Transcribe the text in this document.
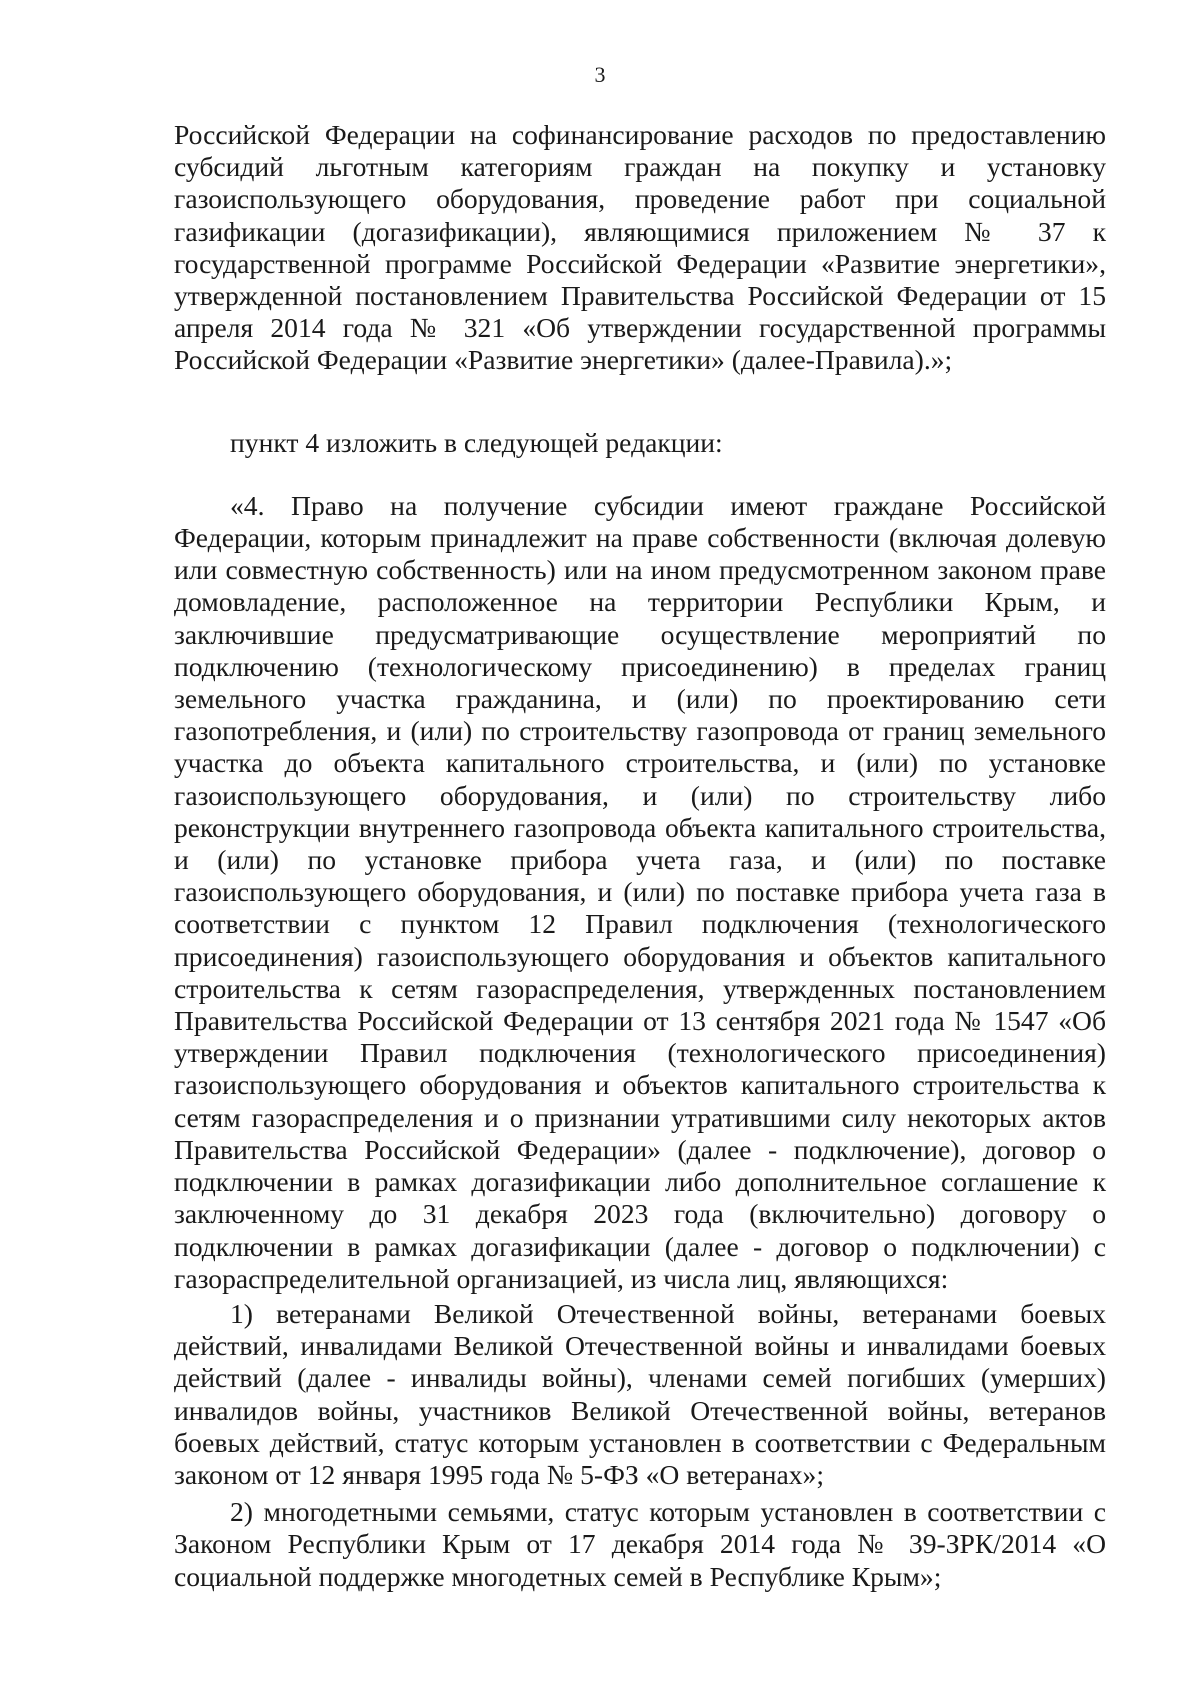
3

Российской Федерации на софинансирование расходов по предоставлению субсидий льготным категориям граждан на покупку и установку газоиспользующего оборудования, проведение работ при социальной газификации (догазификации), являющимися приложением № 37 к государственной программе Российской Федерации «Развитие энергетики», утвержденной постановлением Правительства Российской Федерации от 15 апреля 2014 года № 321 «Об утверждении государственной программы Российской Федерации «Развитие энергетики» (далее-Правила).»;

пункт 4 изложить в следующей редакции:

«4. Право на получение субсидии имеют граждане Российской Федерации, которым принадлежит на праве собственности (включая долевую или совместную собственность) или на ином предусмотренном законом праве домовладение, расположенное на территории Республики Крым, и заключившие предусматривающие осуществление мероприятий по подключению (технологическому присоединению) в пределах границ земельного участка гражданина, и (или) по проектированию сети газопотребления, и (или) по строительству газопровода от границ земельного участка до объекта капитального строительства, и (или) по установке газоиспользующего оборудования, и (или) по строительству либо реконструкции внутреннего газопровода объекта капитального строительства, и (или) по установке прибора учета газа, и (или) по поставке газоиспользующего оборудования, и (или) по поставке прибора учета газа в соответствии с пунктом 12 Правил подключения (технологического присоединения) газоиспользующего оборудования и объектов капитального строительства к сетям газораспределения, утвержденных постановлением Правительства Российской Федерации от 13 сентября 2021 года № 1547 «Об утверждении Правил подключения (технологического присоединения) газоиспользующего оборудования и объектов капитального строительства к сетям газораспределения и о признании утратившими силу некоторых актов Правительства Российской Федерации» (далее - подключение), договор о подключении в рамках догазификации либо дополнительное соглашение к заключенному до 31 декабря 2023 года (включительно) договору о подключении в рамках догазификации (далее - договор о подключении) с газораспределительной организацией, из числа лиц, являющихся:

1) ветеранами Великой Отечественной войны, ветеранами боевых действий, инвалидами Великой Отечественной войны и инвалидами боевых действий (далее - инвалиды войны), членами семей погибших (умерших) инвалидов войны, участников Великой Отечественной войны, ветеранов боевых действий, статус которым установлен в соответствии с Федеральным законом от 12 января 1995 года № 5-ФЗ «О ветеранах»;

2) многодетными семьями, статус которым установлен в соответствии с Законом Республики Крым от 17 декабря 2014 года № 39-ЗРК/2014 «О социальной поддержке многодетных семей в Республике Крым»;
